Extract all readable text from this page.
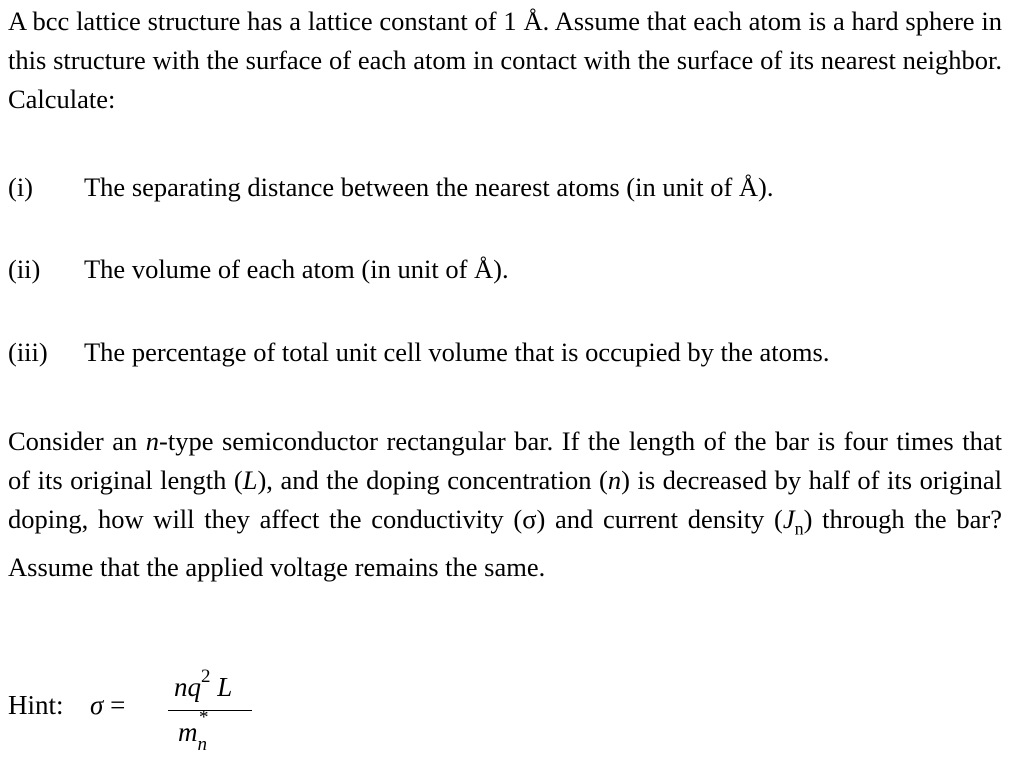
A bcc lattice structure has a lattice constant of 1 Å. Assume that each atom is a hard sphere in this structure with the surface of each atom in contact with the surface of its nearest neighbor. Calculate:
(i) The separating distance between the nearest atoms (in unit of Å).
(ii) The volume of each atom (in unit of Å).
(iii) The percentage of total unit cell volume that is occupied by the atoms.
Consider an n-type semiconductor rectangular bar. If the length of the bar is four times that of its original length (L), and the doping concentration (n) is decreased by half of its original doping, how will they affect the conductivity (σ) and current density $(J_n)$ through the bar? Assume that the applied voltage remains the same.
Hint: σ =
$nq^2$ L
$m_n^*$
